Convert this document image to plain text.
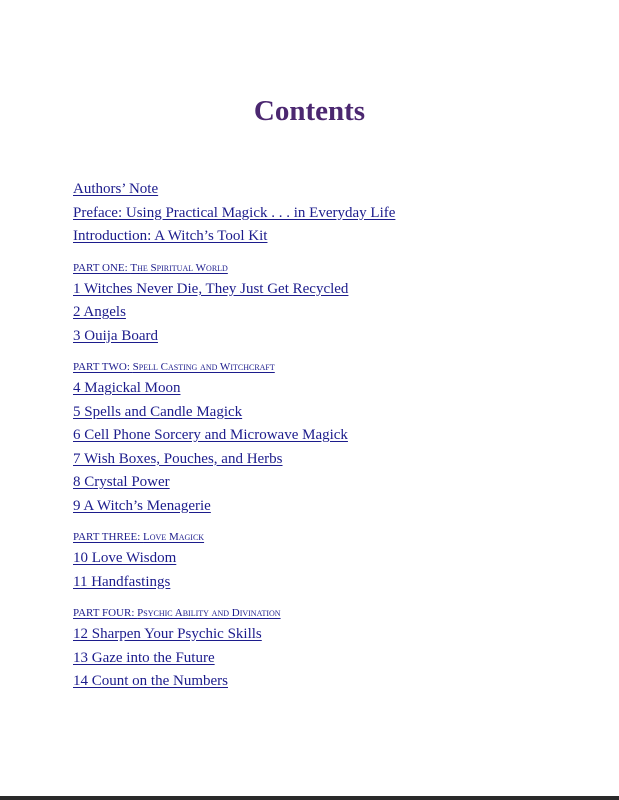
Contents
Authors’ Note
Preface: Using Practical Magick . . . in Everyday Life
Introduction: A Witch’s Tool Kit
PART ONE: The Spiritual World
1 Witches Never Die, They Just Get Recycled
2 Angels
3 Ouija Board
PART TWO: Spell Casting and Witchcraft
4 Magickal Moon
5 Spells and Candle Magick
6 Cell Phone Sorcery and Microwave Magick
7 Wish Boxes, Pouches, and Herbs
8 Crystal Power
9 A Witch’s Menagerie
PART THREE: Love Magick
10 Love Wisdom
11 Handfastings
PART FOUR: Psychic Ability and Divination
12 Sharpen Your Psychic Skills
13 Gaze into the Future
14 Count on the Numbers
